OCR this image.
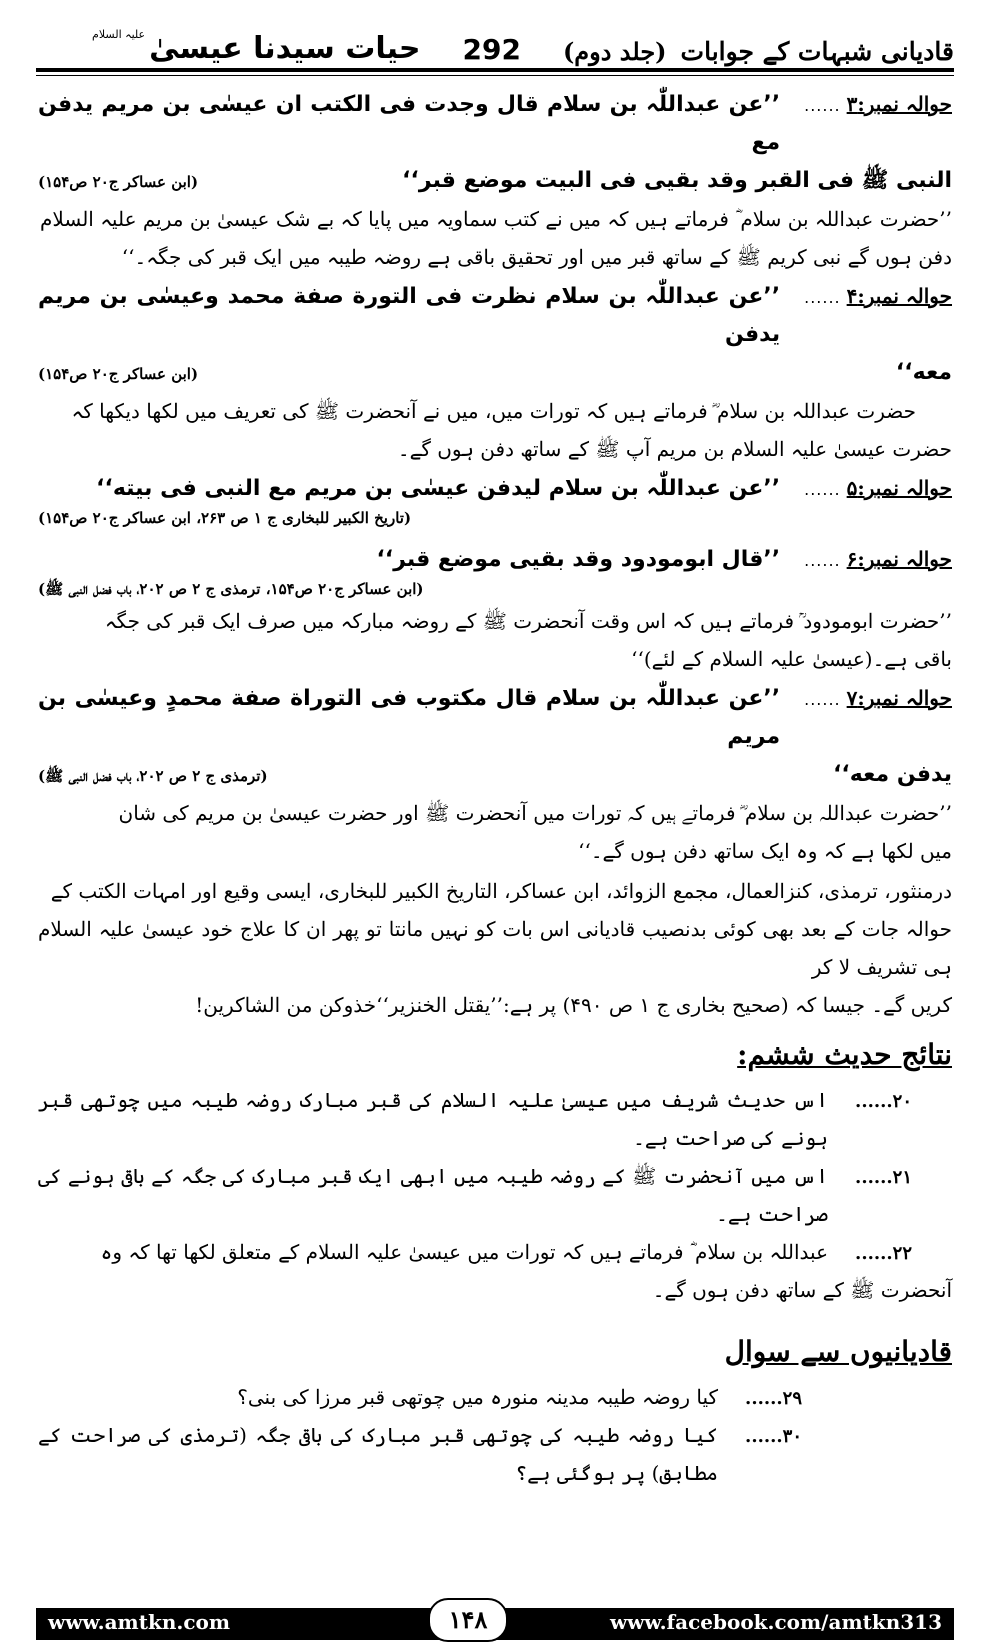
قادیانی شبہات کے جوابات
(جلد دوم)
292
حیات سیدنا عیسیٰ
علیہ السلام
حوالہ نمبر:۳
......
’’عن عبداللّٰہ بن سلام قال وجدت فی الکتب ان عیسٰی بن مریم یدفن مع
النبی ﷺ فی القبر وقد بقیی فی البیت موضع قبر‘‘
(ابن عساکر ج۲۰ ص۱۵۴)
’’حضرت عبداللہ بن سلام ؓ فرماتے ہیں کہ میں نے کتب سماویہ میں پایا کہ بے شک عیسیٰ بن مریم علیہ السلام
دفن ہوں گے نبی کریم ﷺ کے ساتھ قبر میں اور تحقیق باقی ہے روضہ طیبہ میں ایک قبر کی جگہ۔‘‘
حوالہ نمبر:۴
......
’’عن عبداللّٰہ بن سلام نظرت فی التورة صفة محمد وعیسٰی بن مریم یدفن
معه‘‘
(ابن عساکر ج۲۰ ص۱۵۴)
حضرت عبداللہ بن سلام ؓ فرماتے ہیں کہ تورات میں، میں نے آنحضرت ﷺ کی تعریف میں لکھا دیکھا کہ
حضرت عیسیٰ علیہ السلام بن مریم آپ ﷺ کے ساتھ دفن ہوں گے۔
حوالہ نمبر:۵
......
’’عن عبداللّٰہ بن سلام لیدفن عیسٰی بن مریم مع النبی فی بیته‘‘
(تاریخ الکبیر للبخاری ج ۱ ص ۲۶۳، ابن عساکر ج۲۰ ص۱۵۴)
حوالہ نمبر:۶
......
’’قال ابومودود وقد بقیی موضع قبر‘‘
(ابن عساکر ج۲۰ ص۱۵۴، ترمذی ج ۲ ص ۲۰۲، باب فضل النبی ﷺ)
’’حضرت ابومودود ؒ فرماتے ہیں کہ اس وقت آنحضرت ﷺ کے روضہ مبارکہ میں صرف ایک قبر کی جگہ
باقی ہے۔(عیسیٰ علیہ السلام کے لئے)‘‘
حوالہ نمبر:۷
......
’’عن عبداللّٰہ بن سلام قال مکتوب فی التوراة صفة محمدٍ وعیسٰی بن مریم
یدفن معه‘‘
(ترمذی ج ۲ ص ۲۰۲، باب فضل النبی ﷺ)
’’حضرت عبداللہ بن سلام ؓ فرماتے ہیں کہ تورات میں آنحضرت ﷺ اور حضرت عیسیٰ بن مریم کی شان
میں لکھا ہے کہ وہ ایک ساتھ دفن ہوں گے۔‘‘
درمنثور، ترمذی، کنزالعمال، مجمع الزوائد، ابن عساکر، التاریخ الکبیر للبخاری، ایسی وقیع اور امہات الکتب کے
حوالہ جات کے بعد بھی کوئی بدنصیب قادیانی اس بات کو نہیں مانتا تو پھر ان کا علاج خود عیسیٰ علیہ السلام ہی تشریف لا کر
کریں گے۔ جیسا کہ (صحیح بخاری ج ۱ ص ۴۹۰) پر ہے:’’یقتل الخنزیر‘‘خذوکن من الشاکرین!
نتائج حدیث ششم:
۲۰......
اس حدیث شریف میں عیسیٰ علیہ السلام کی قبر مبارک روضہ طیبہ میں چوتھی قبر ہونے کی صراحت ہے۔
۲۱......
اس میں آنحضرت ﷺ کے روضہ طیبہ میں ابھی ایک قبر مبارک کی جگہ کے باقی ہونے کی صراحت ہے۔
۲۲......
عبداللہ بن سلام ؓ فرماتے ہیں کہ تورات میں عیسیٰ علیہ السلام کے متعلق لکھا تھا کہ وہ
آنحضرت ﷺ کے ساتھ دفن ہوں گے۔
قادیانیوں سے سوال
۲۹......
کیا روضہ طیبہ مدینہ منورہ میں چوتھی قبر مرزا کی بنی؟
۳۰......
کیا روضہ طیبہ کی چوتھی قبر مبارک کی باقی جگہ (ترمذی کی صراحت کے مطابق) پر ہوگئی ہے؟
www.amtkn.com	۱۴۸	www.facebook.com/amtkn313
